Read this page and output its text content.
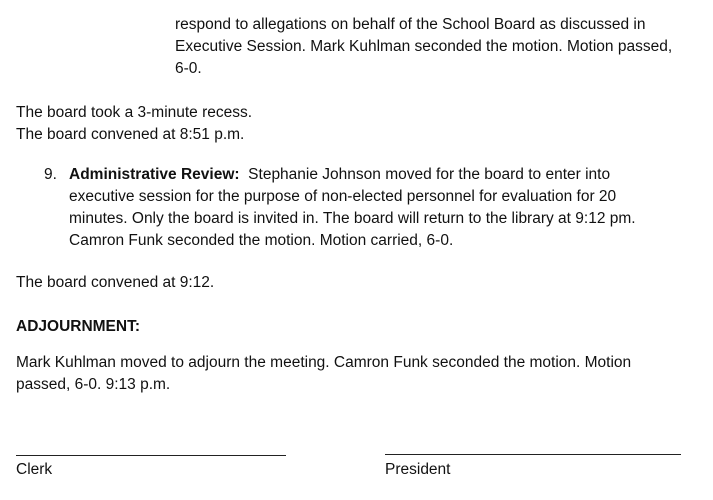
respond to allegations on behalf of the School Board as discussed in
Executive Session. Mark Kuhlman seconded the motion. Motion passed,
6-0.
The board took a 3-minute recess.
The board convened at 8:51 p.m.
9. Administrative Review:  Stephanie Johnson moved for the board to enter into
executive session for the purpose of non-elected personnel for evaluation for 20
minutes. Only the board is invited in. The board will return to the library at 9:12 pm.
Camron Funk seconded the motion. Motion carried, 6-0.
The board convened at 9:12.
ADJOURNMENT:
Mark Kuhlman moved to adjourn the meeting. Camron Funk seconded the motion. Motion
passed, 6-0. 9:13 p.m.
Clerk	President
